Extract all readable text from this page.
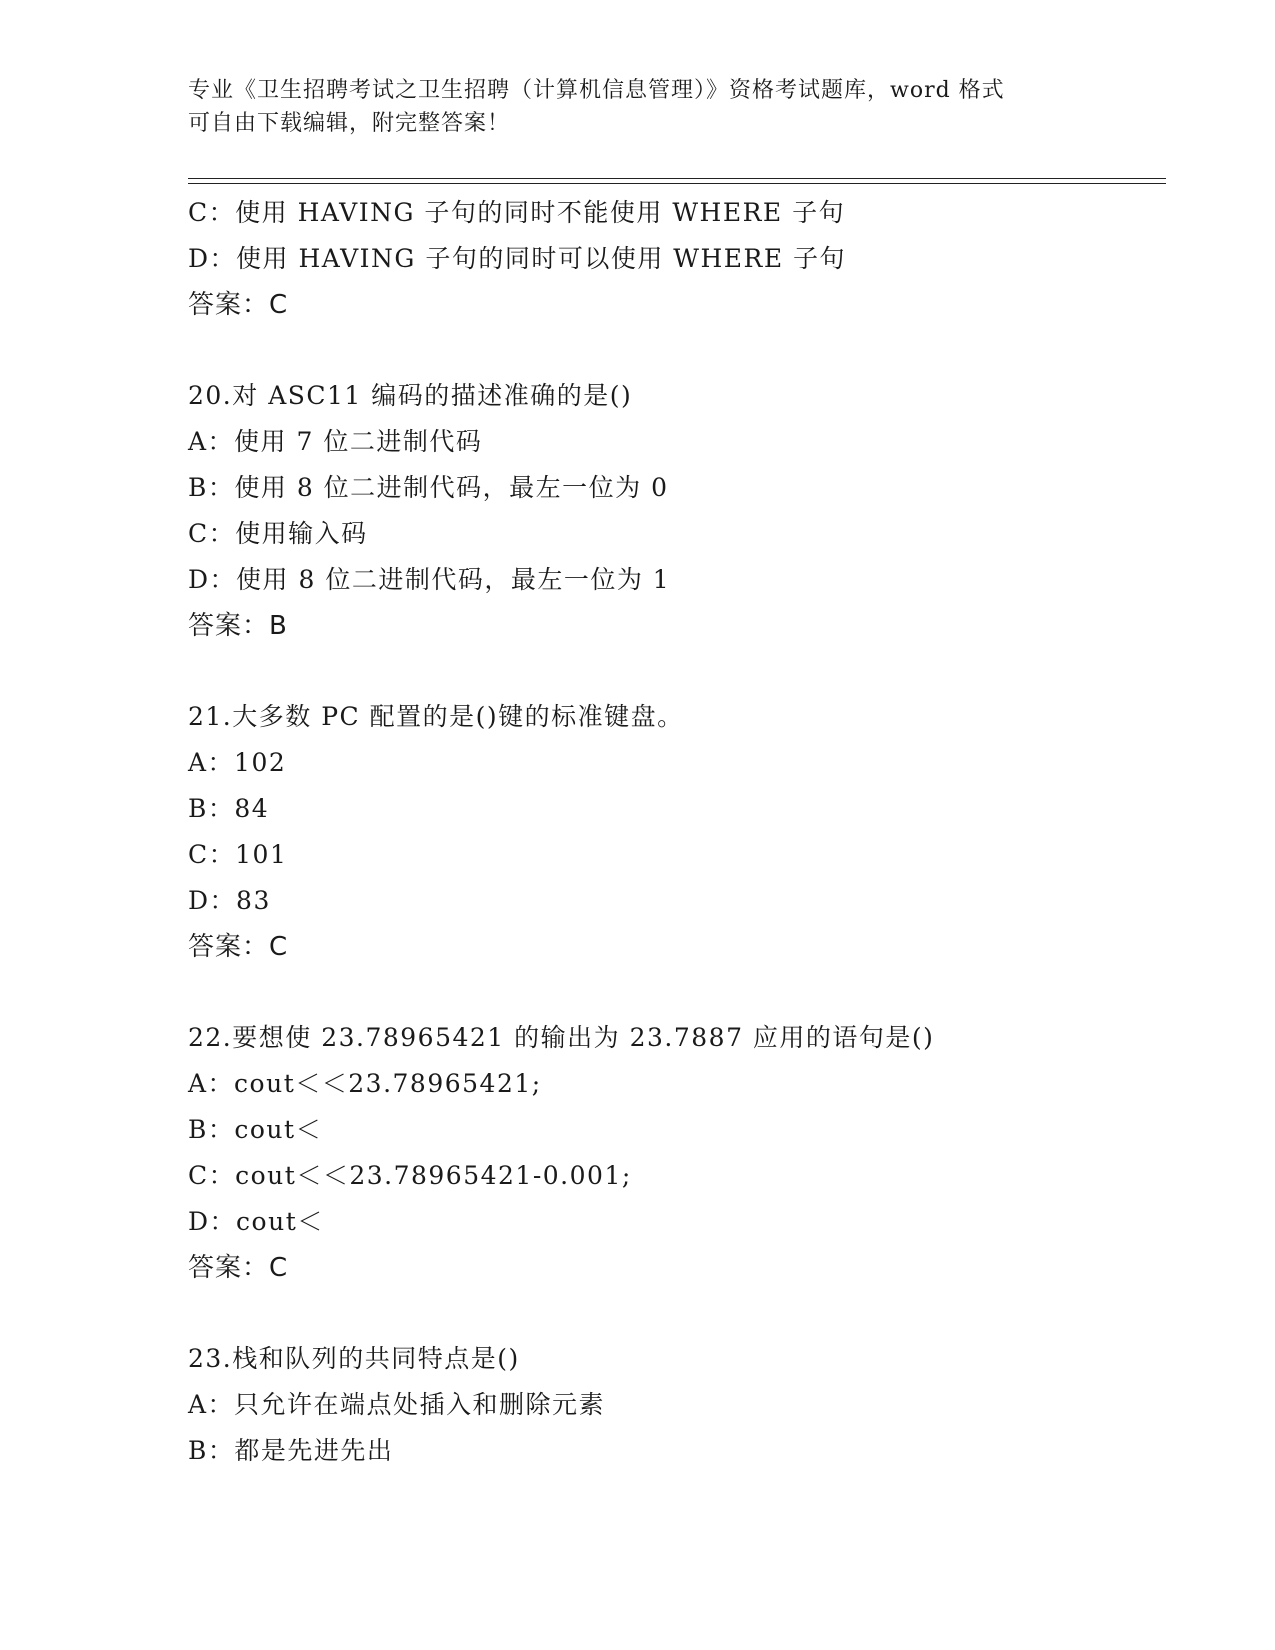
专业《卫生招聘考试之卫生招聘（计算机信息管理）》资格考试题库，word 格式
可自由下载编辑，附完整答案！
C：使用 HAVING 子句的同时不能使用 WHERE 子句
D：使用 HAVING 子句的同时可以使用 WHERE 子句
答案：C
20.对 ASC11 编码的描述准确的是()
A：使用 7 位二进制代码
B：使用 8 位二进制代码，最左一位为 0
C：使用输入码
D：使用 8 位二进制代码，最左一位为 1
答案：B
21.大多数 PC 配置的是()键的标准键盘。
A：102
B：84
C：101
D：83
答案：C
22.要想使 23.78965421 的输出为 23.7887 应用的语句是()
A：cout＜＜23.78965421;
B：cout＜
C：cout＜＜23.78965421-0.001;
D：cout＜
答案：C
23.栈和队列的共同特点是()
A：只允许在端点处插入和删除元素
B：都是先进先出
